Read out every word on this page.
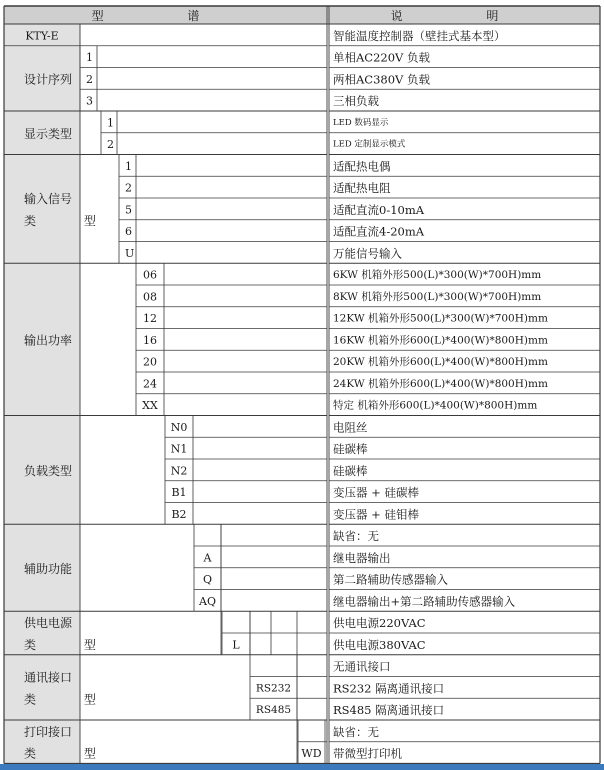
型 谱	说 明
KTY-E	智能温度控制器（壁挂式基本型）
设计序列
1	单相AC220V 负载
2	两相AC380V 负载
3	三相负载
显示类型
1	LED 数码显示
2	LED 定制显示模式
输入信号
类 型
1	适配热电偶
2	适配热电阻
5	适配直流0-10mA
6	适配直流4-20mA
U	万能信号输入
输出功率
06	6KW 机箱外形500(L)*300(W)*700H)mm
08	8KW 机箱外形500(L)*300(W)*700H)mm
12	12KW 机箱外形500(L)*300(W)*700H)mm
16	16KW 机箱外形600(L)*400(W)*800H)mm
20	20KW 机箱外形600(L)*400(W)*800H)mm
24	24KW 机箱外形600(L)*400(W)*800H)mm
XX	特定 机箱外形600(L)*400(W)*800H)mm
负载类型
N0	电阻丝
N1	硅碳棒
N2	硅碳棒
B1	变压器 + 硅碳棒
B2	变压器 + 硅钼棒
辅助功能
缺省：无
A	继电器输出
Q	第二路辅助传感器输入
AQ	继电器输出+第二路辅助传感器输入
供电电源
类 型
供电电源220VAC
L	供电电源380VAC
通讯接口
类 型
无通讯接口
RS232	RS232 隔离通讯接口
RS485	RS485 隔离通讯接口
打印接口
类 型
缺省：无
WD 带微型打印机
